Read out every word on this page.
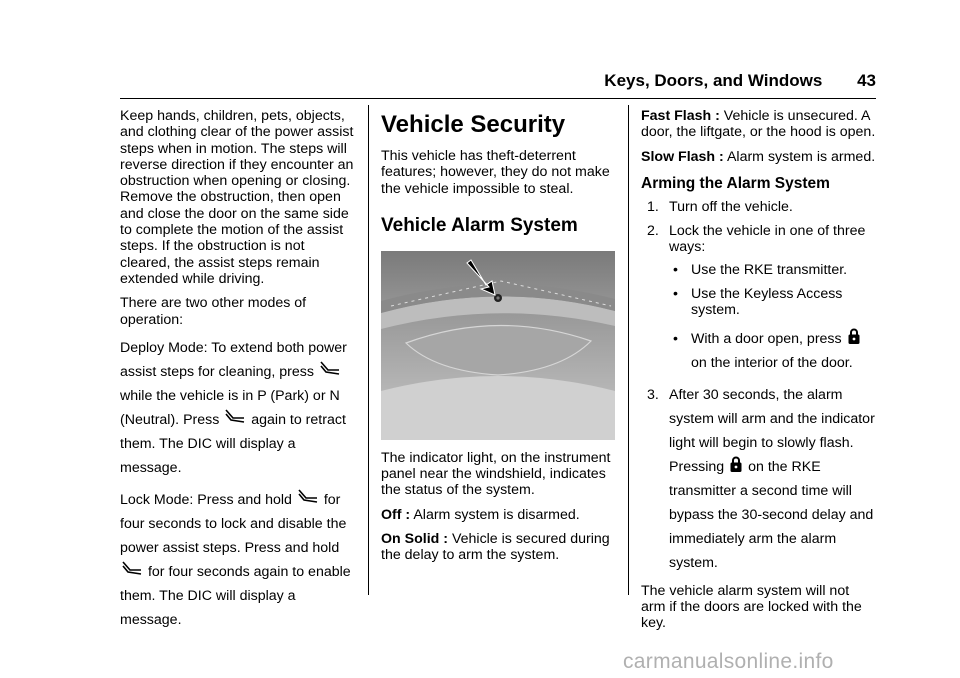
Keys, Doors, and Windows 43

Keep hands, children, pets, objects, and clothing clear of the power assist steps when in motion. The steps will reverse direction if they encounter an obstruction when opening or closing. Remove the obstruction, then open and close the door on the same side to complete the motion of the assist steps. If the obstruction is not cleared, the assist steps remain extended while driving.

There are two other modes of operation:

Deploy Mode: To extend both power assist steps for cleaning, press  while the vehicle is in P (Park) or N (Neutral). Press again to retract them. The DIC will display a message.

Lock Mode: Press and hold for four seconds to lock and disable the power assist steps. Press and hold  for four seconds again to enable them. The DIC will display a message.

Vehicle Security

This vehicle has theft-deterrent features; however, they do not make the vehicle impossible to steal.

Vehicle Alarm System

The indicator light, on the instrument panel near the windshield, indicates the status of the system.

Off : Alarm system is disarmed.

On Solid : Vehicle is secured during the delay to arm the system.

Fast Flash : Vehicle is unsecured. A door, the liftgate, or the hood is open.

Slow Flash : Alarm system is armed.

Arming the Alarm System
1. Turn off the vehicle.
2. Lock the vehicle in one of three ways:
• Use the RKE transmitter.
• Use the Keyless Access system.
• With a door open, press  on the interior of the door.
3. After 30 seconds, the alarm system will arm and the indicator light will begin to slowly flash. Pressing on the RKE transmitter a second time will bypass the 30-second delay and immediately arm the alarm system.

The vehicle alarm system will not arm if the doors are locked with the key.

carmanualsonline.info
